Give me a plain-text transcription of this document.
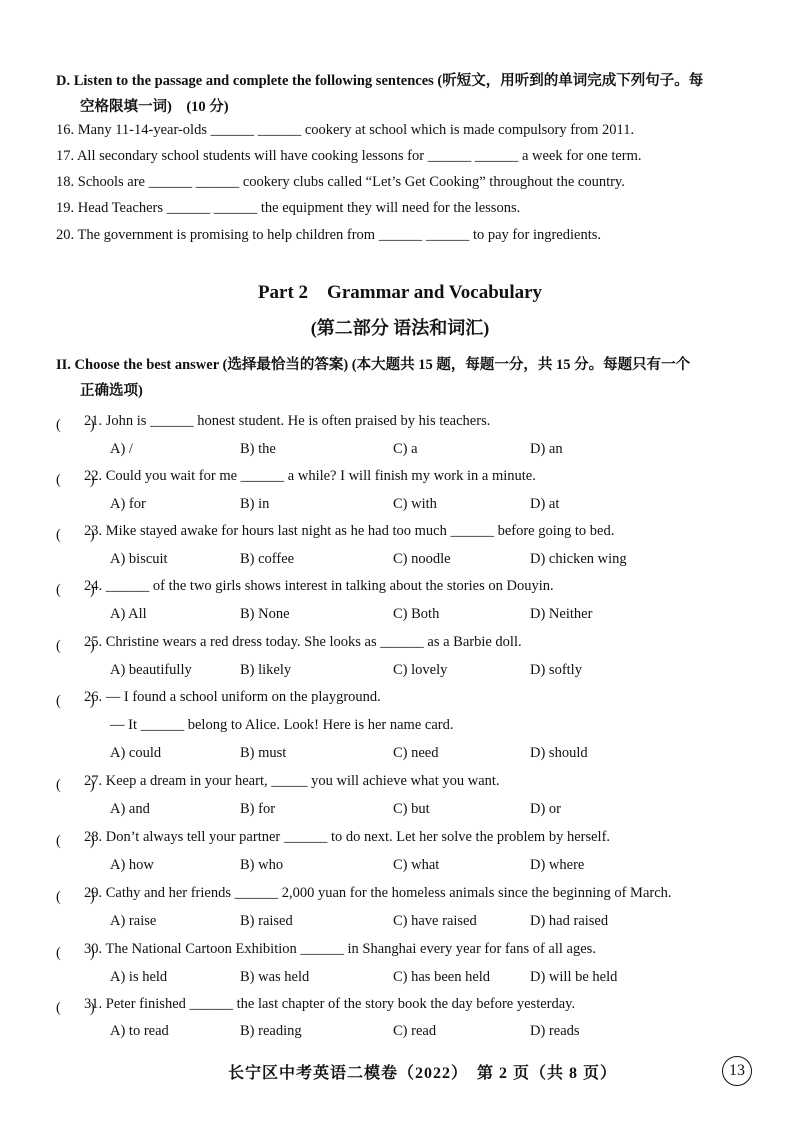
D. Listen to the passage and complete the following sentences (听短文，用听到的单词完成下列句子。每
空格限填一词)　(10 分)
16. Many 11-14-year-olds ______ ______ cookery at school which is made compulsory from 2011.
17. All secondary school students will have cooking lessons for ______ ______ a week for one term.
18. Schools are ______ ______ cookery clubs called “Let’s Get Cooking” throughout the country.
19. Head Teachers ______ ______ the equipment they will need for the lessons.
20. The government is promising to help children from ______ ______ to pay for ingredients.
Part 2　Grammar and Vocabulary
(第二部分 语法和词汇)
II. Choose the best answer (选择最恰当的答案) (本大题共 15 题，每题一分，共 15 分。每题只有一个
正确选项)
(　　)
21. John is ______ honest student. He is often praised by his teachers.
A) /	B) the	C) a	D) an
(　　)
22. Could you wait for me ______ a while? I will finish my work in a minute.
A) for	B) in	C) with	D) at
(　　)
23. Mike stayed awake for hours last night as he had too much ______ before going to bed.
A) biscuit	B) coffee	C) noodle	D) chicken wing
(　　)
24. ______ of the two girls shows interest in talking about the stories on Douyin.
A) All	B) None	C) Both	D) Neither
(　　)
25. Christine wears a red dress today. She looks as ______ as a Barbie doll.
A) beautifully	B) likely	C) lovely	D) softly
(　　)
26. — I found a school uniform on the playground.
— It ______ belong to Alice. Look! Here is her name card.
A) could	B) must	C) need	D) should
(　　)
27. Keep a dream in your heart, _____ you will achieve what you want.
A) and	B) for	C) but	D) or
(　　)
28. Don’t always tell your partner ______ to do next. Let her solve the problem by herself.
A) how	B) who	C) what	D) where
(　　)
29. Cathy and her friends ______ 2,000 yuan for the homeless animals since the beginning of March.
A) raise	B) raised	C) have raised	D) had raised
(　　)
30. The National Cartoon Exhibition ______ in Shanghai every year for fans of all ages.
A) is held	B) was held	C) has been held	D) will be held
(　　)
31. Peter finished ______ the last chapter of the story book the day before yesterday.
A) to read	B) reading	C) read	D) reads
长宁区中考英语二模卷（2022）　第 2 页（共 8 页）	13
